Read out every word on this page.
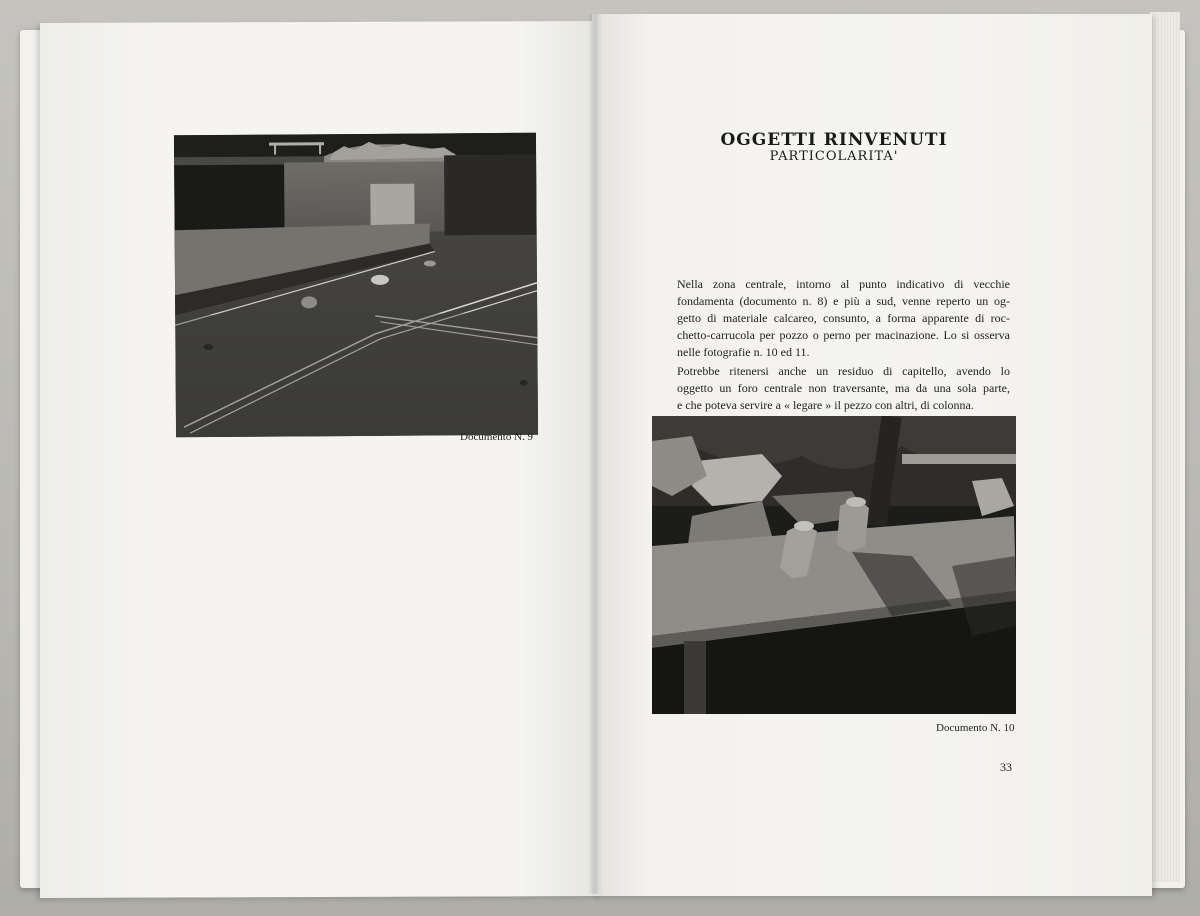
Documento N. 9
OGGETTI RINVENUTI
PARTICOLARITA'

Nella zona centrale, intorno al punto indicativo di vecchie
fondamenta (documento n. 8) e più a sud, venne reperto un og-
getto di materiale calcareo, consunto, a forma apparente di roc-
chetto-carrucola per pozzo o perno per macinazione. Lo si osserva
nelle fotografie n. 10 ed 11.

Potrebbe ritenersi anche un residuo di capitello, avendo lo
oggetto un foro centrale non traversante, ma da una sola parte,
e che poteva servire a « legare » il pezzo con altri, di colonna.

Documento N. 10
33
